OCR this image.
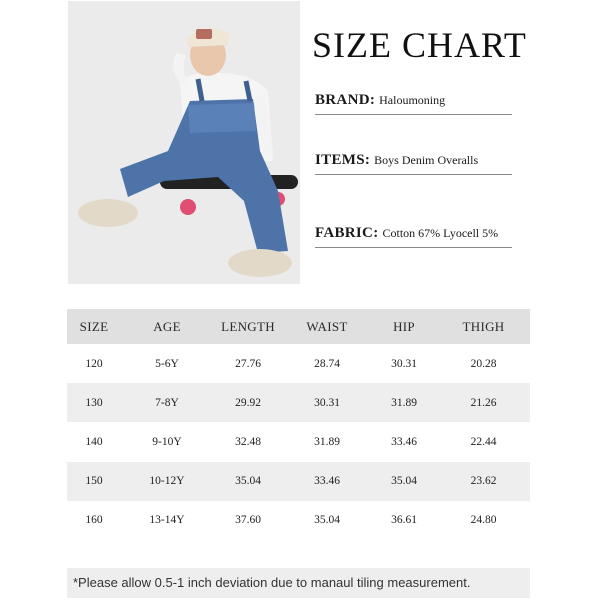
SIZE CHART
BRAND: Haloumoning
ITEMS: Boys Denim Overalls
FABRIC: Cotton 67% Lyocell 5%
SIZE	AGE	LENGTH	WAIST	HIP	THIGH
120	5-6Y	27.76	28.74	30.31	20.28
130	7-8Y	29.92	30.31	31.89	21.26
140	9-10Y	32.48	31.89	33.46	22.44
150	10-12Y	35.04	33.46	35.04	23.62
160	13-14Y	37.60	35.04	36.61	24.80
*Please allow 0.5-1 inch deviation due to manaul tiling measurement.
